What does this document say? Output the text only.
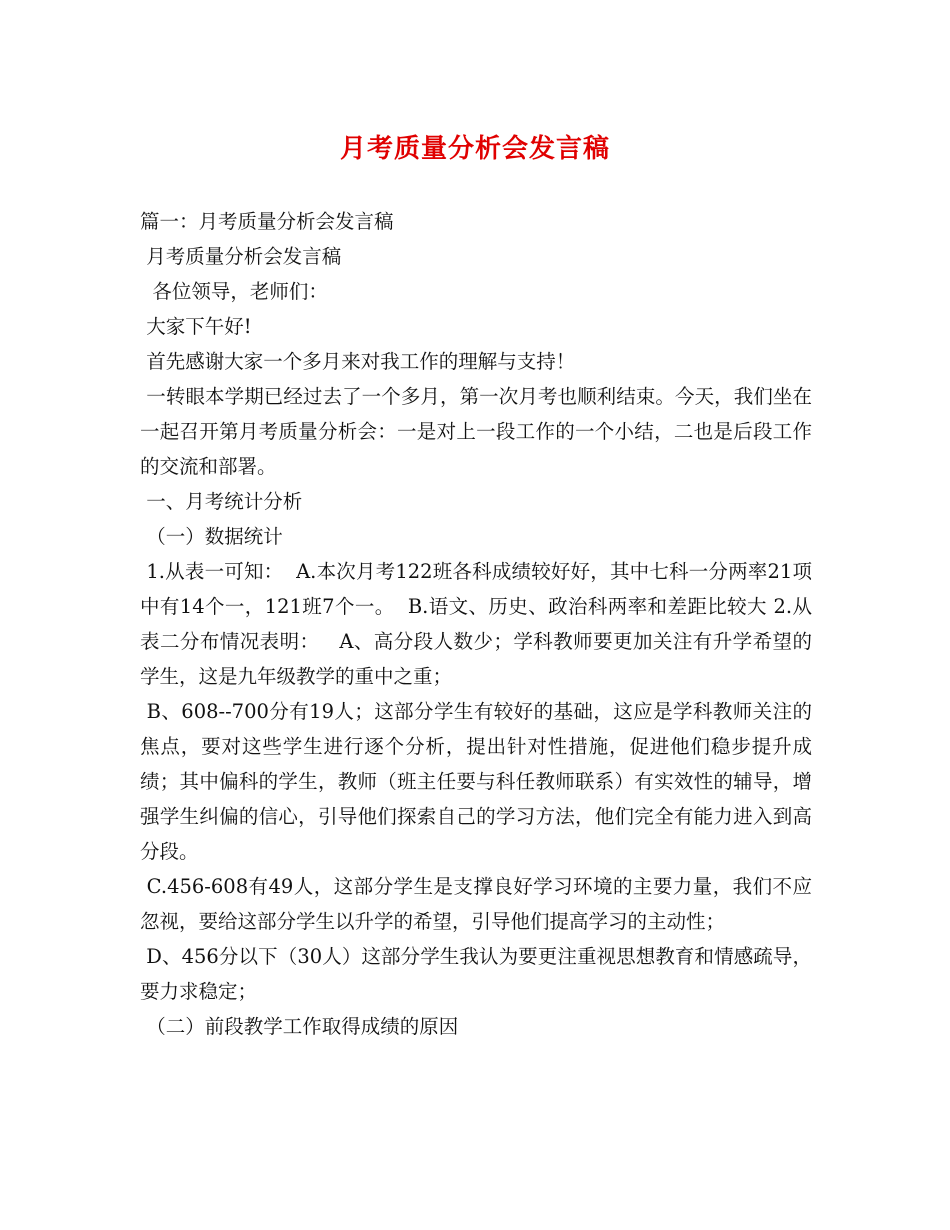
月考质量分析会发言稿

篇一：月考质量分析会发言稿

月考质量分析会发言稿

各位领导，老师们：

大家下午好!

首先感谢大家一个多月来对我工作的理解与支持！

一转眼本学期已经过去了一个多月，第一次月考也顺利结束。今天，我们坐在一起召开第月考质量分析会：一是对上一段工作的一个小结，二也是后段工作的交流和部署。

一、月考统计分析

（一）数据统计

1.从表一可知：  A.本次月考122班各科成绩较好好，其中七科一分两率21项中有14个一，121班7个一。  B.语文、历史、政治科两率和差距比较大 2.从表二分布情况表明：   A、高分段人数少；学科教师要更加关注有升学希望的学生，这是九年级教学的重中之重；

B、608--700分有19人；这部分学生有较好的基础，这应是学科教师关注的焦点，要对这些学生进行逐个分析，提出针对性措施，促进他们稳步提升成绩；其中偏科的学生，教师（班主任要与科任教师联系）有实效性的辅导，增强学生纠偏的信心，引导他们探索自己的学习方法，他们完全有能力进入到高分段。

C.456-608有49人，这部分学生是支撑良好学习环境的主要力量，我们不应忽视，要给这部分学生以升学的希望，引导他们提高学习的主动性；

D、456分以下（30人）这部分学生我认为要更注重视思想教育和情感疏导，要力求稳定；

（二）前段教学工作取得成绩的原因
